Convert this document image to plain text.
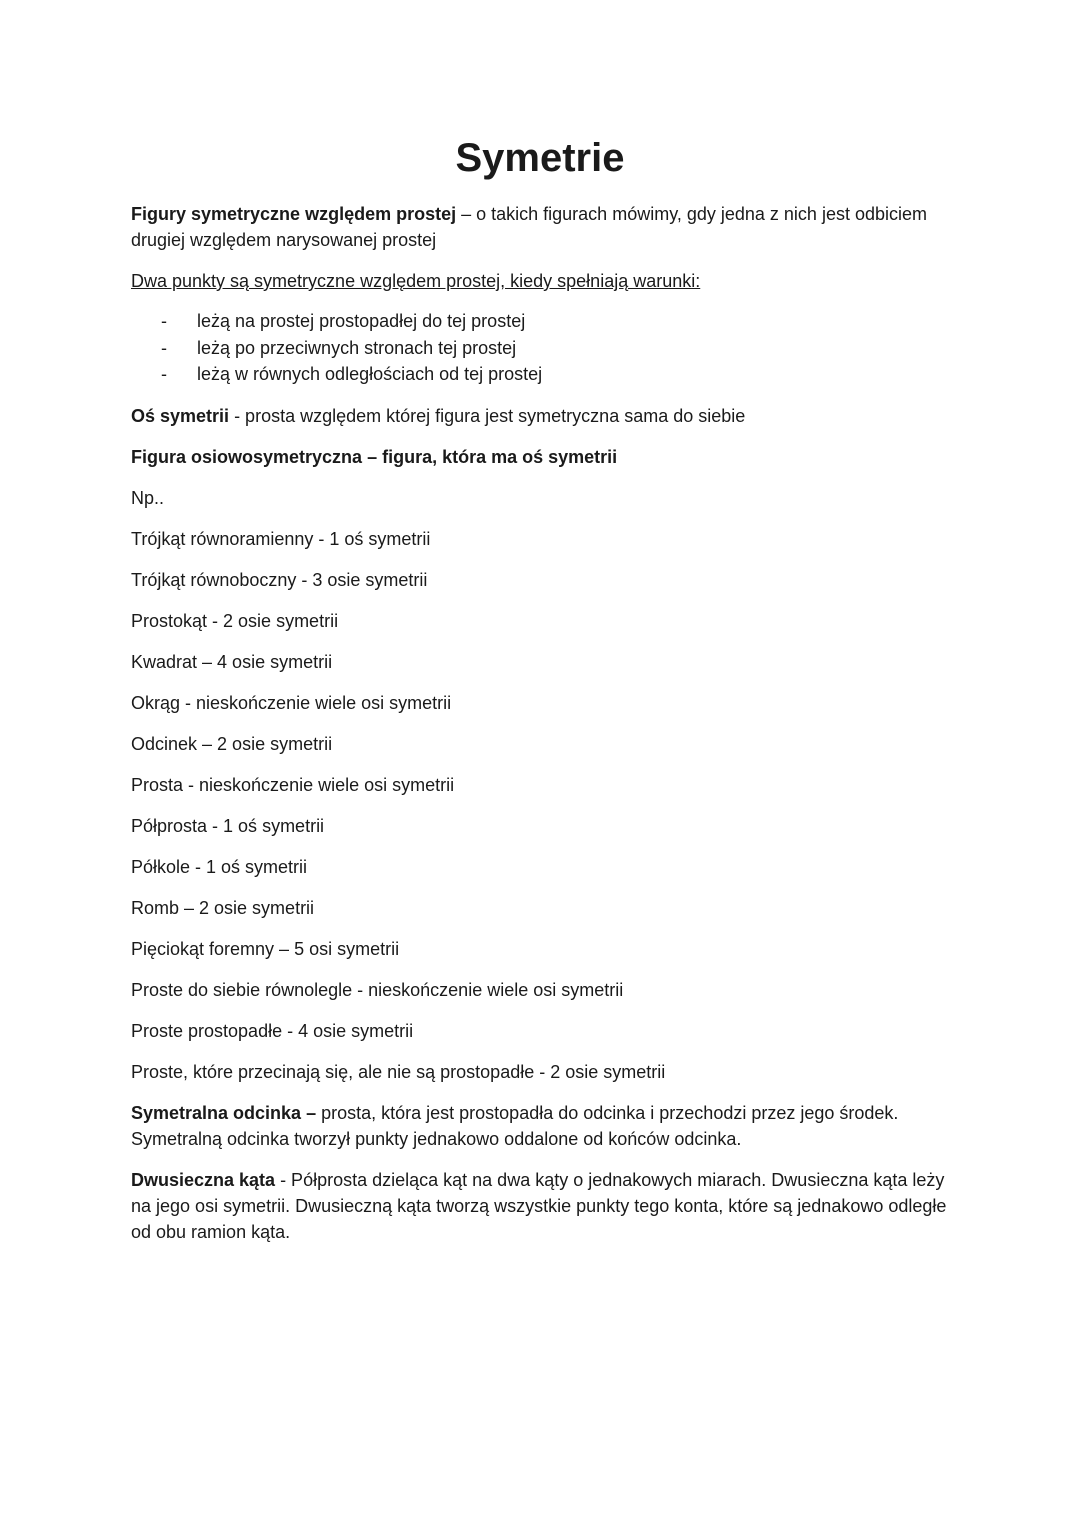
Symetrie

Figury symetryczne względem prostej – o takich figurach mówimy, gdy jedna z nich jest odbiciem drugiej względem narysowanej prostej

Dwa punkty są symetryczne względem prostej, kiedy spełniają warunki:

- leżą na prostej prostopadłej do tej prostej
- leżą po przeciwnych stronach tej prostej
- leżą w równych odległościach od tej prostej

Oś symetrii - prosta względem której figura jest symetryczna sama do siebie

Figura osiowosymetryczna – figura, która ma oś symetrii

Np..

Trójkąt równoramienny - 1 oś symetrii

Trójkąt równoboczny - 3 osie symetrii

Prostokąt - 2 osie symetrii

Kwadrat – 4 osie symetrii

Okrąg - nieskończenie wiele osi symetrii

Odcinek – 2 osie symetrii

Prosta - nieskończenie wiele osi symetrii

Półprosta - 1 oś symetrii

Półkole - 1 oś symetrii

Romb – 2 osie symetrii

Pięciokąt foremny – 5 osi symetrii

Proste do siebie równolegle - nieskończenie wiele osi symetrii

Proste prostopadłe - 4 osie symetrii

Proste, które przecinają się, ale nie są prostopadłe - 2 osie symetrii

Symetralna odcinka – prosta, która jest prostopadła do odcinka i przechodzi przez jego środek. Symetralną odcinka tworzył punkty jednakowo oddalone od końców odcinka.

Dwusieczna kąta - Półprosta dzieląca kąt na dwa kąty o jednakowych miarach. Dwusieczna kąta leży na jego osi symetrii. Dwusieczną kąta tworzą wszystkie punkty tego konta, które są jednakowo odległe od obu ramion kąta.
